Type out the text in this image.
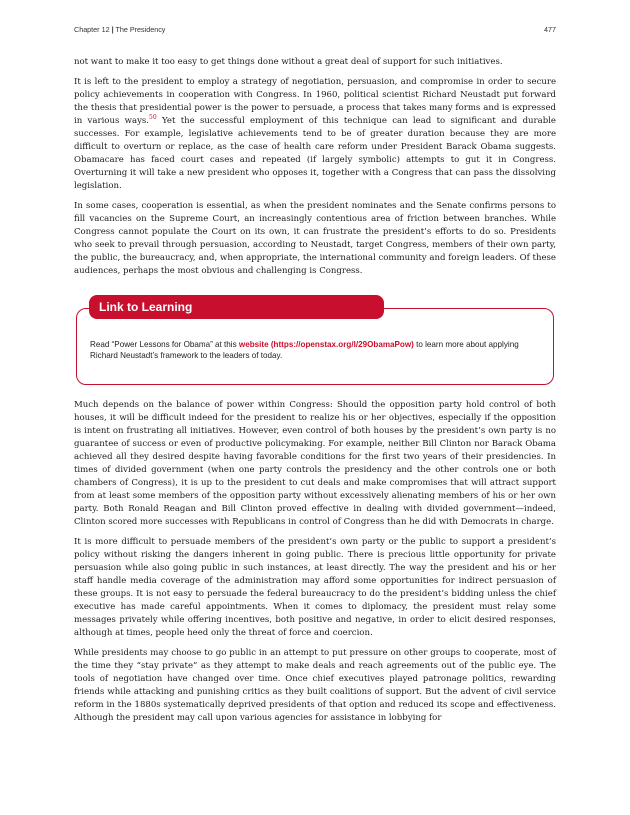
Chapter 12 | The Presidency	477

not want to make it too easy to get things done without a great deal of support for such initiatives.

It is left to the president to employ a strategy of negotiation, persuasion, and compromise in order to secure policy achievements in cooperation with Congress. In 1960, political scientist Richard Neustadt put forward the thesis that presidential power is the power to persuade, a process that takes many forms and is expressed in various ways.$^{50}$ Yet the successful employment of this technique can lead to significant and durable successes. For example, legislative achievements tend to be of greater duration because they are more difficult to overturn or replace, as the case of health care reform under President Barack Obama suggests. Obamacare has faced court cases and repeated (if largely symbolic) attempts to gut it in Congress. Overturning it will take a new president who opposes it, together with a Congress that can pass the dissolving legislation.

In some cases, cooperation is essential, as when the president nominates and the Senate confirms persons to fill vacancies on the Supreme Court, an increasingly contentious area of friction between branches. While Congress cannot populate the Court on its own, it can frustrate the president’s efforts to do so. Presidents who seek to prevail through persuasion, according to Neustadt, target Congress, members of their own party, the public, the bureaucracy, and, when appropriate, the international community and foreign leaders. Of these audiences, perhaps the most obvious and challenging is Congress.

Link to Learning
Read “Power Lessons for Obama” at this website (https://openstax.org/l/29ObamaPow) to learn more about applying Richard Neustadt’s framework to the leaders of today.

Much depends on the balance of power within Congress: Should the opposition party hold control of both houses, it will be difficult indeed for the president to realize his or her objectives, especially if the opposition is intent on frustrating all initiatives. However, even control of both houses by the president’s own party is no guarantee of success or even of productive policymaking. For example, neither Bill Clinton nor Barack Obama achieved all they desired despite having favorable conditions for the first two years of their presidencies. In times of divided government (when one party controls the presidency and the other controls one or both chambers of Congress), it is up to the president to cut deals and make compromises that will attract support from at least some members of the opposition party without excessively alienating members of his or her own party. Both Ronald Reagan and Bill Clinton proved effective in dealing with divided government—indeed, Clinton scored more successes with Republicans in control of Congress than he did with Democrats in charge.

It is more difficult to persuade members of the president’s own party or the public to support a president’s policy without risking the dangers inherent in going public. There is precious little opportunity for private persuasion while also going public in such instances, at least directly. The way the president and his or her staff handle media coverage of the administration may afford some opportunities for indirect persuasion of these groups. It is not easy to persuade the federal bureaucracy to do the president’s bidding unless the chief executive has made careful appointments. When it comes to diplomacy, the president must relay some messages privately while offering incentives, both positive and negative, in order to elicit desired responses, although at times, people heed only the threat of force and coercion.

While presidents may choose to go public in an attempt to put pressure on other groups to cooperate, most of the time they “stay private” as they attempt to make deals and reach agreements out of the public eye. The tools of negotiation have changed over time. Once chief executives played patronage politics, rewarding friends while attacking and punishing critics as they built coalitions of support. But the advent of civil service reform in the 1880s systematically deprived presidents of that option and reduced its scope and effectiveness. Although the president may call upon various agencies for assistance in lobbying for
